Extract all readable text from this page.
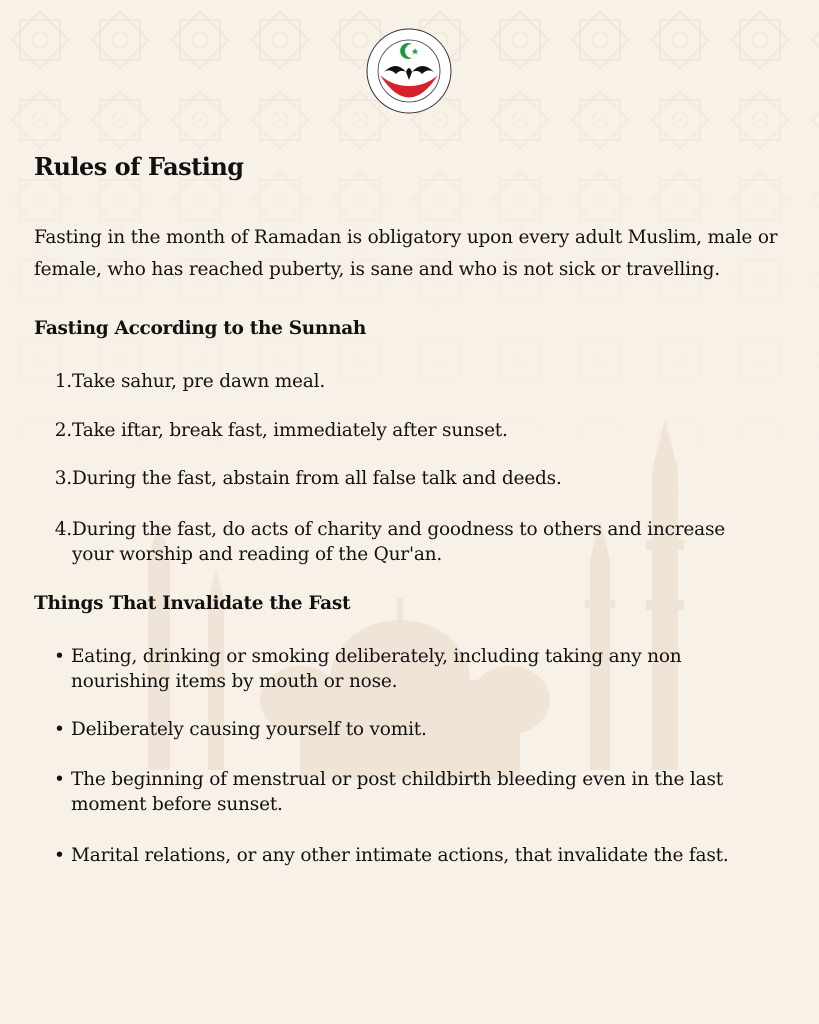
Rules of Fasting

Fasting in the month of Ramadan is obligatory upon every adult Muslim, male or female, who has reached puberty, is sane and who is not sick or travelling.

Fasting According to the Sunnah
1. Take sahur, pre dawn meal.
2. Take iftar, break fast, immediately after sunset.
3. During the fast, abstain from all false talk and deeds.
4. During the fast, do acts of charity and goodness to others and increase your worship and reading of the Qur'an.
Things That Invalidate the Fast
• Eating, drinking or smoking deliberately, including taking any non nourishing items by mouth or nose.
• Deliberately causing yourself to vomit.
• The beginning of menstrual or post childbirth bleeding even in the last moment before sunset.
• Marital relations, or any other intimate actions, that invalidate the fast.
